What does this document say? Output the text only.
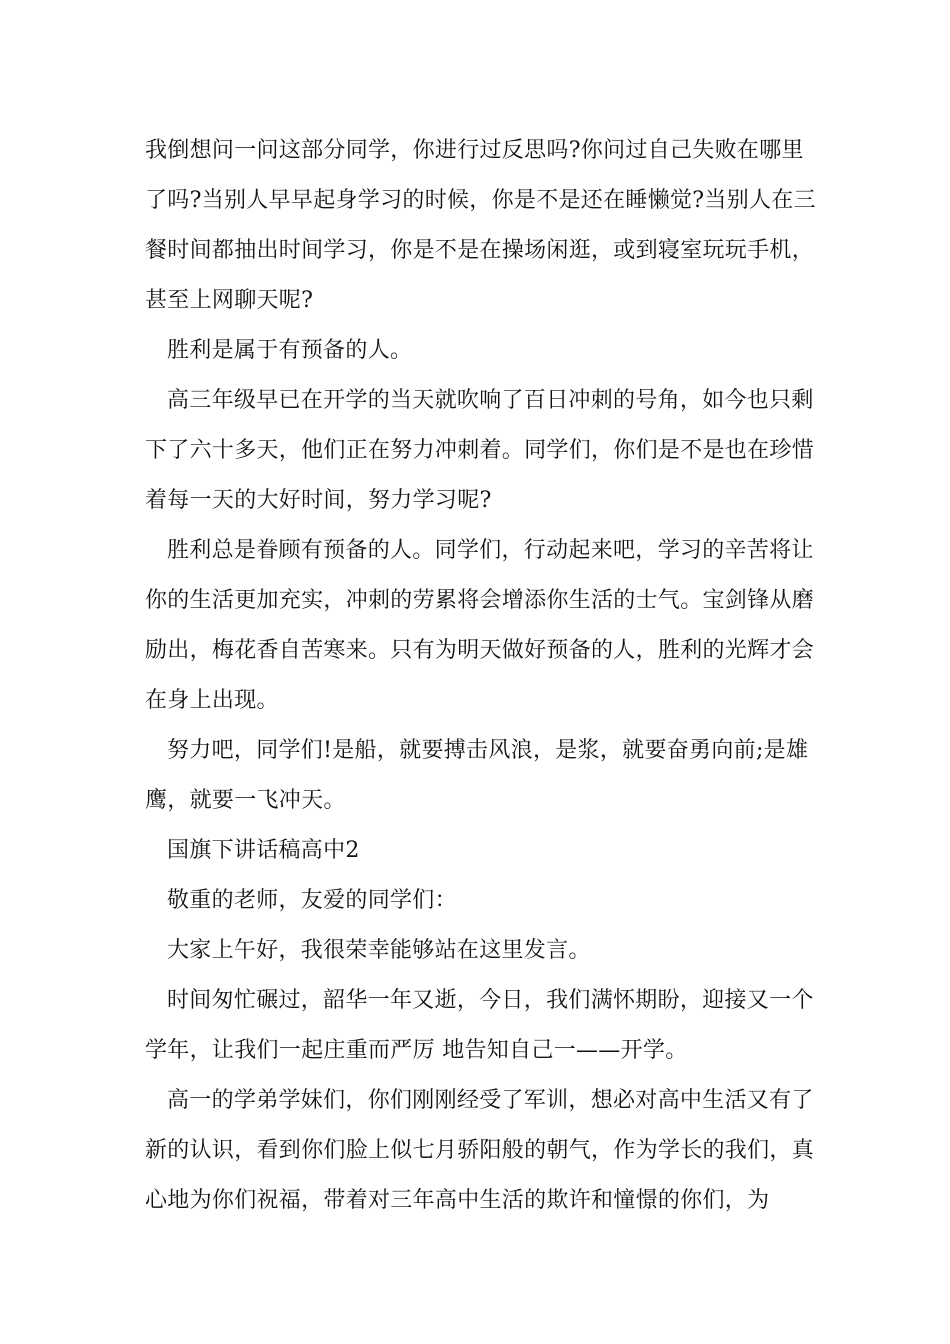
我倒想问一问这部分同学，你进行过反思吗?你问过自己失败在哪里了吗?当别人早早起身学习的时候，你是不是还在睡懒觉?当别人在三餐时间都抽出时间学习，你是不是在操场闲逛，或到寝室玩玩手机，甚至上网聊天呢?

胜利是属于有预备的人。

高三年级早已在开学的当天就吹响了百日冲刺的号角，如今也只剩下了六十多天，他们正在努力冲刺着。同学们，你们是不是也在珍惜着每一天的大好时间，努力学习呢?

胜利总是眷顾有预备的人。同学们，行动起来吧，学习的辛苦将让你的生活更加充实，冲刺的劳累将会增添你生活的士气。宝剑锋从磨励出，梅花香自苦寒来。只有为明天做好预备的人，胜利的光辉才会在身上出现。

努力吧，同学们!是船，就要搏击风浪，是浆，就要奋勇向前;是雄鹰，就要一飞冲天。

国旗下讲话稿高中2

敬重的老师，友爱的同学们：

大家上午好，我很荣幸能够站在这里发言。

时间匆忙碾过，韶华一年又逝，今日，我们满怀期盼，迎接又一个学年，让我们一起庄重而严厉 地告知自己一——开学。

高一的学弟学妹们，你们刚刚经受了军训，想必对高中生活又有了新的认识，看到你们脸上似七月骄阳般的朝气，作为学长的我们，真心地为你们祝福，带着对三年高中生活的欺许和憧憬的你们，为
